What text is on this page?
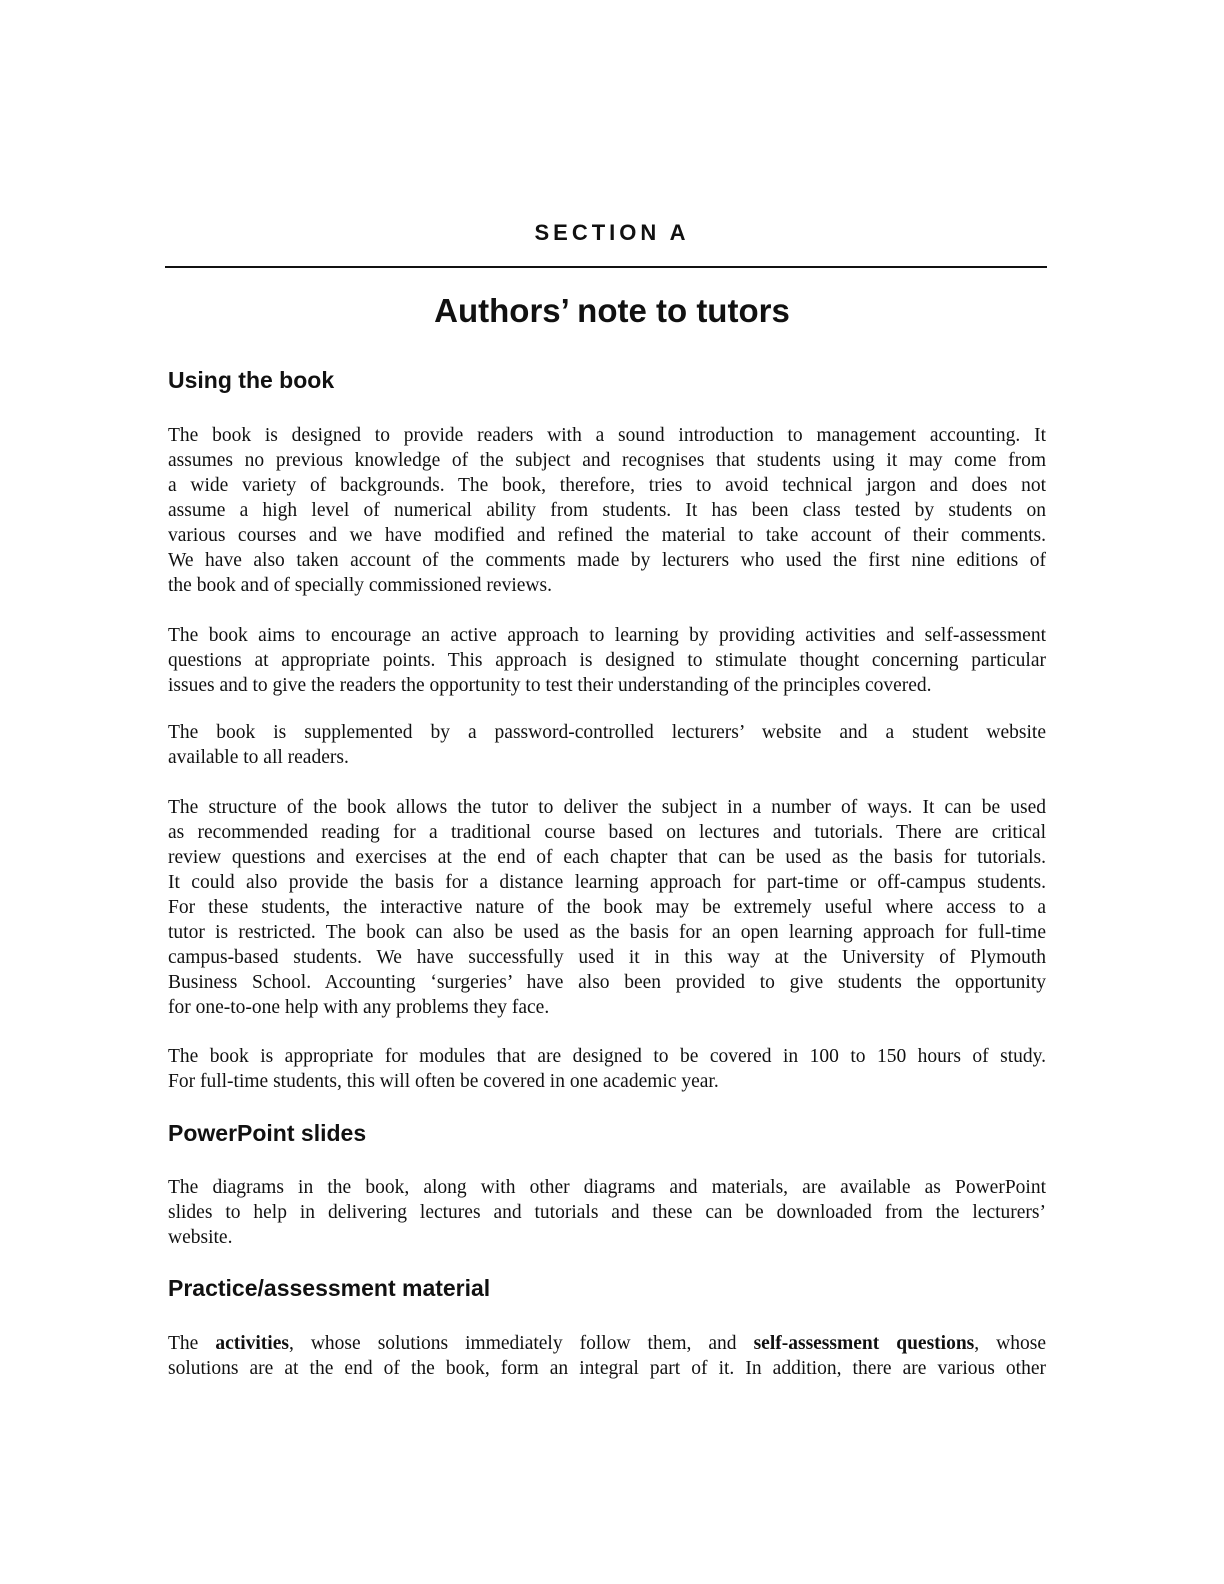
SECTION A
Authors’ note to tutors
Using the book
The book is designed to provide readers with a sound introduction to management accounting. It
assumes no previous knowledge of the subject and recognises that students using it may come from
a wide variety of backgrounds. The book, therefore, tries to avoid technical jargon and does not
assume a high level of numerical ability from students. It has been class tested by students on
various courses and we have modified and refined the material to take account of their comments.
We have also taken account of the comments made by lecturers who used the first nine editions of
the book and of specially commissioned reviews.
The book aims to encourage an active approach to learning by providing activities and self-assessment
questions at appropriate points. This approach is designed to stimulate thought concerning particular
issues and to give the readers the opportunity to test their understanding of the principles covered.
The book is supplemented by a password-controlled lecturers’ website and a student website
available to all readers.
The structure of the book allows the tutor to deliver the subject in a number of ways. It can be used
as recommended reading for a traditional course based on lectures and tutorials. There are critical
review questions and exercises at the end of each chapter that can be used as the basis for tutorials.
It could also provide the basis for a distance learning approach for part-time or off-campus students.
For these students, the interactive nature of the book may be extremely useful where access to a
tutor is restricted. The book can also be used as the basis for an open learning approach for full-time
campus-based students. We have successfully used it in this way at the University of Plymouth
Business School. Accounting ‘surgeries’ have also been provided to give students the opportunity
for one-to-one help with any problems they face.
The book is appropriate for modules that are designed to be covered in 100 to 150 hours of study.
For full-time students, this will often be covered in one academic year.
PowerPoint slides
The diagrams in the book, along with other diagrams and materials, are available as PowerPoint
slides to help in delivering lectures and tutorials and these can be downloaded from the lecturers’
website.
Practice/assessment material
The activities, whose solutions immediately follow them, and self-assessment questions, whose
solutions are at the end of the book, form an integral part of it. In addition, there are various other
